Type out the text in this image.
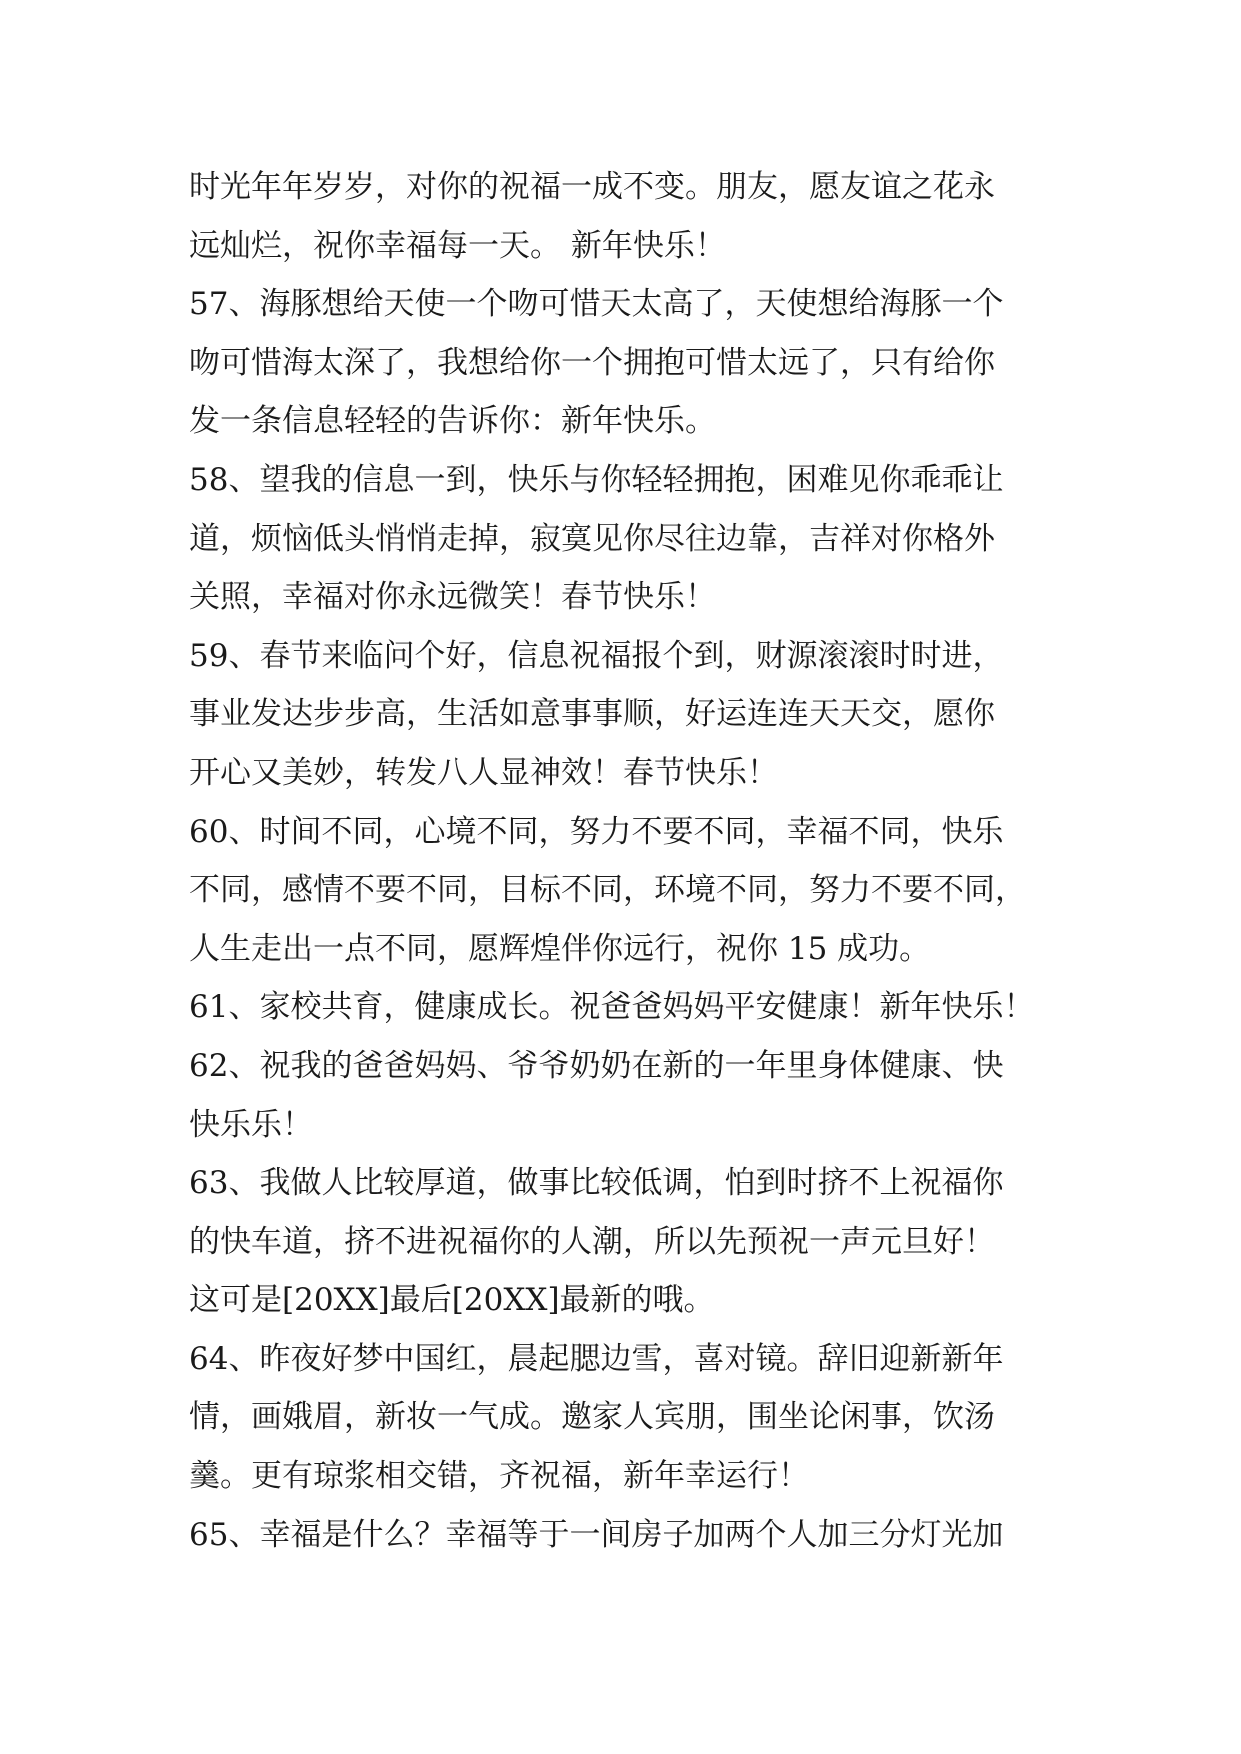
时光年年岁岁，对你的祝福一成不变。朋友，愿友谊之花永
远灿烂，祝你幸福每一天。 新年快乐！
57、海豚想给天使一个吻可惜天太高了，天使想给海豚一个
吻可惜海太深了，我想给你一个拥抱可惜太远了，只有给你
发一条信息轻轻的告诉你：新年快乐。
58、望我的信息一到，快乐与你轻轻拥抱，困难见你乖乖让
道，烦恼低头悄悄走掉，寂寞见你尽往边靠，吉祥对你格外
关照，幸福对你永远微笑！春节快乐！
59、春节来临问个好，信息祝福报个到，财源滚滚时时进，
事业发达步步高，生活如意事事顺，好运连连天天交，愿你
开心又美妙，转发八人显神效！春节快乐！
60、时间不同，心境不同，努力不要不同，幸福不同，快乐
不同，感情不要不同，目标不同，环境不同，努力不要不同，
人生走出一点不同，愿辉煌伴你远行，祝你 15 成功。
61、家校共育，健康成长。祝爸爸妈妈平安健康！新年快乐！
62、祝我的爸爸妈妈、爷爷奶奶在新的一年里身体健康、快
快乐乐！
63、我做人比较厚道，做事比较低调，怕到时挤不上祝福你
的快车道，挤不进祝福你的人潮，所以先预祝一声元旦好！
这可是[20XX]最后[20XX]最新的哦。
64、昨夜好梦中国红，晨起腮边雪，喜对镜。辞旧迎新新年
情，画娥眉，新妆一气成。邀家人宾朋，围坐论闲事，饮汤
羹。更有琼浆相交错，齐祝福，新年幸运行！
65、幸福是什么？幸福等于一间房子加两个人加三分灯光加
